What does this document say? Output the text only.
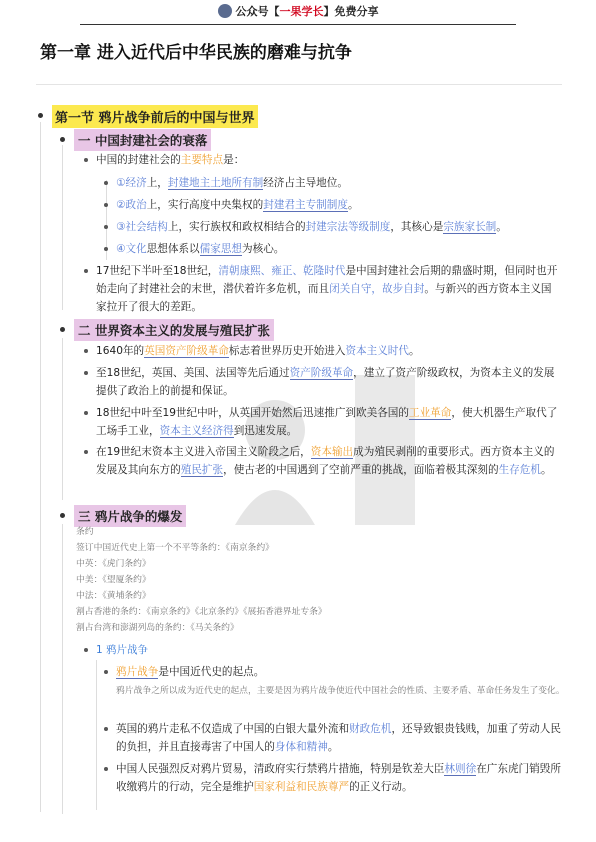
公众号【一果学长】免费分享
第一章 进入近代后中华民族的磨难与抗争
第一节 鸦片战争前后的中国与世界
一 中国封建社会的衰落
中国的封建社会的主要特点是：
①经济上，封建地主土地所有制经济占主导地位。
②政治上，实行高度中央集权的封建君主专制制度。
③社会结构上，实行族权和政权相结合的封建宗法等级制度，其核心是宗族家长制。
④文化思想体系以儒家思想为核心。
17世纪下半叶至18世纪，清朝康熙、雍正、乾隆时代是中国封建社会后期的鼎盛时期，但同时也开始走向了封建社会的末世，潜伏着许多危机，而且闭关自守，故步自封。与新兴的西方资本主义国家拉开了很大的差距。
二 世界资本主义的发展与殖民扩张
1640年的英国资产阶级革命标志着世界历史开始进入资本主义时代。
至18世纪，英国、美国、法国等先后通过资产阶级革命，建立了资产阶级政权，为资本主义的发展提供了政治上的前提和保证。
18世纪中叶至19世纪中叶，从英国开始然后迅速推广到欧美各国的工业革命，使大机器生产取代了工场手工业，资本主义经济得到迅速发展。
在19世纪末资本主义进入帝国主义阶段之后，资本输出成为殖民剥削的重要形式。西方资本主义的发展及其向东方的殖民扩张，使古老的中国遇到了空前严重的挑战，面临着极其深刻的生存危机。
三 鸦片战争的爆发
条约
签订中国近代史上第一个不平等条约：《南京条约》
中英：《虎门条约》
中美：《望厦条约》
中法：《黄埔条约》
割占香港的条约：《南京条约》《北京条约》《展拓香港界址专条》
割占台湾和澎湖列岛的条约：《马关条约》
1 鸦片战争
鸦片战争是中国近代史的起点。
鸦片战争之所以成为近代史的起点，主要是因为鸦片战争使近代中国社会的性质、主要矛盾、革命任务发生了变化。
英国的鸦片走私不仅造成了中国的白银大量外流和财政危机，还导致银贵钱贱，加重了劳动人民的负担，并且直接毒害了中国人的身体和精神。
中国人民强烈反对鸦片贸易，清政府实行禁鸦片措施，特别是钦差大臣林则徐在广东虎门销毁所收缴鸦片的行动，完全是维护国家利益和民族尊严的正义行动。
